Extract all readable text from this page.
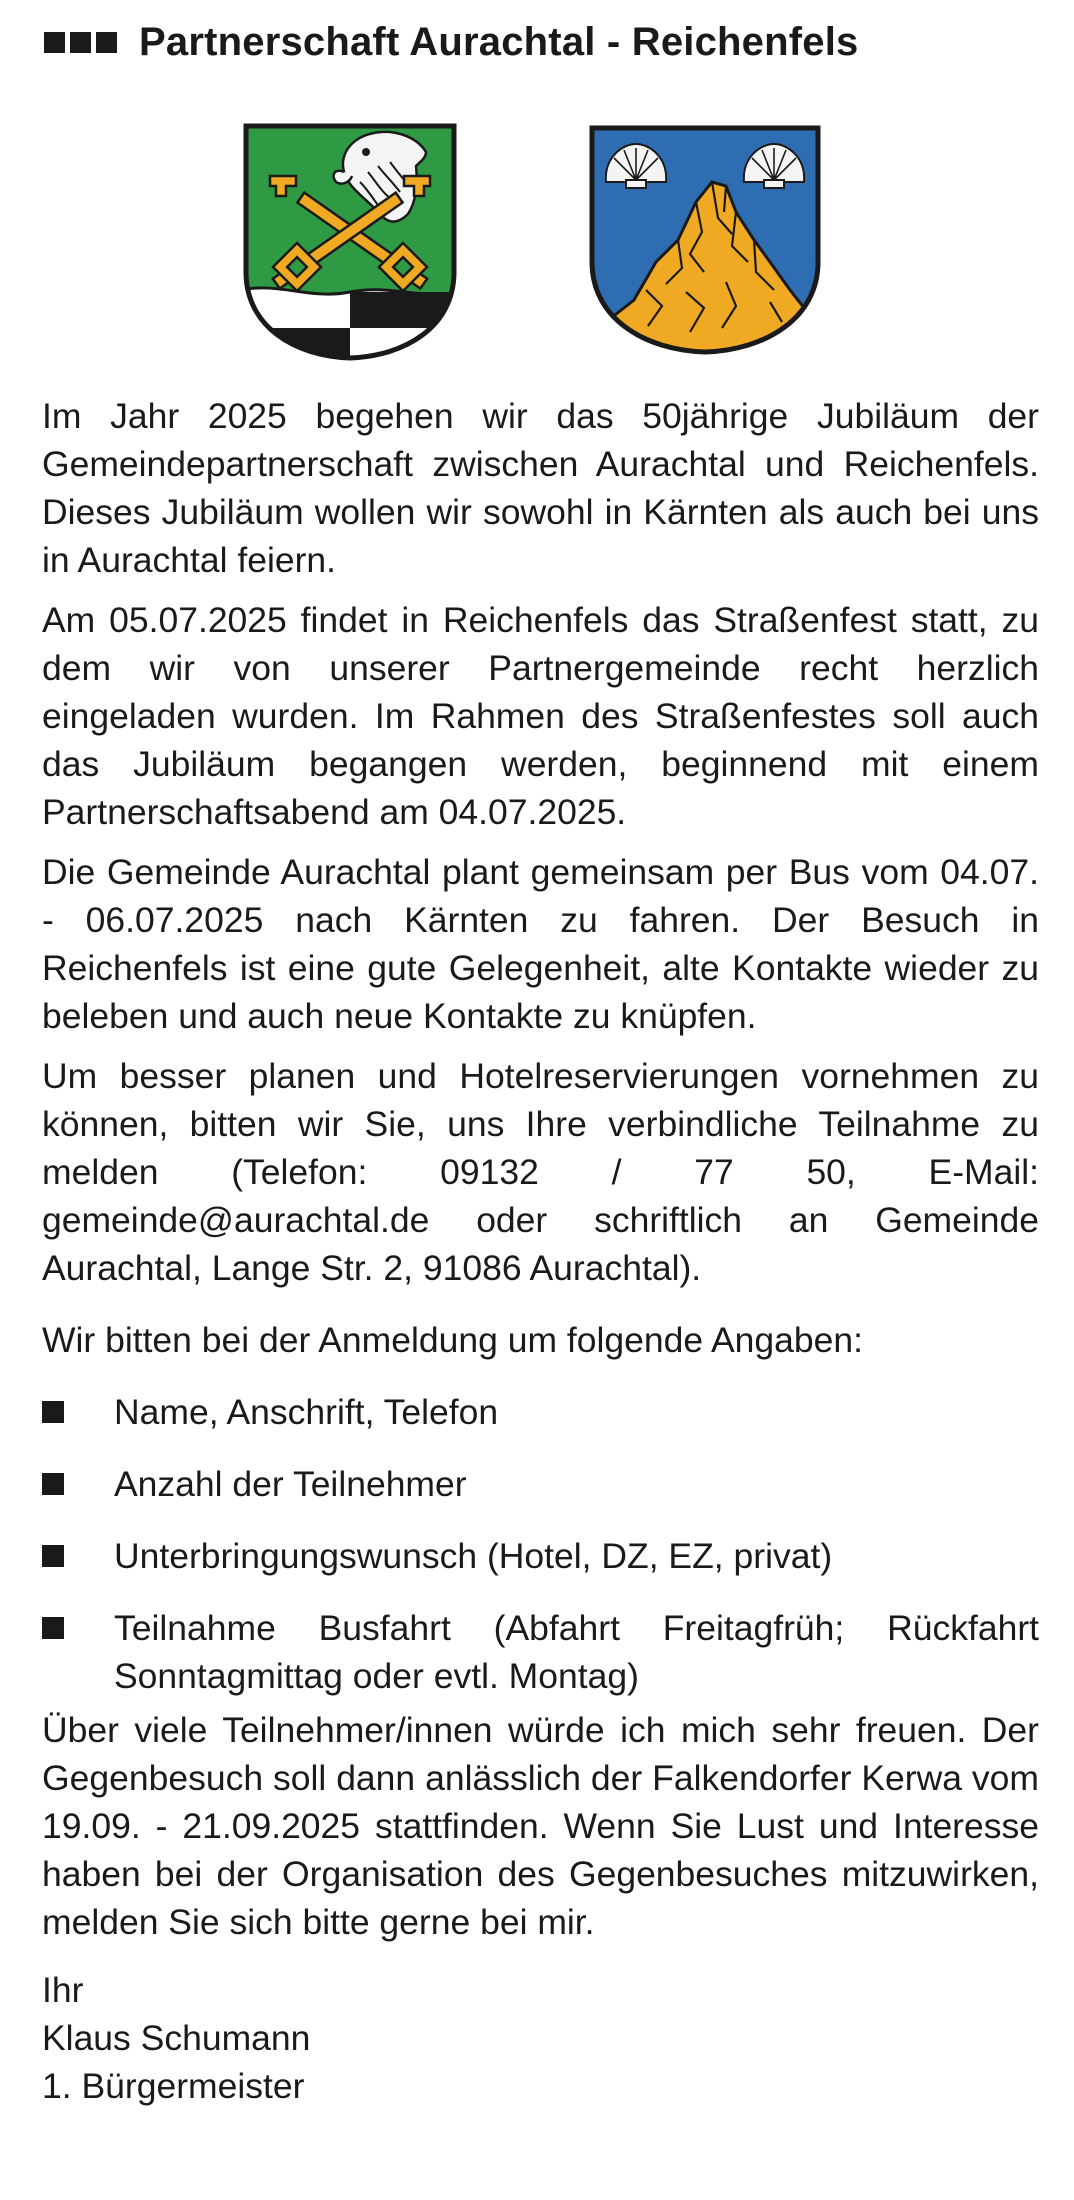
Partnerschaft Aurachtal - Reichenfels

Im Jahr 2025 begehen wir das 50jährige Jubiläum der Gemeindepartnerschaft zwischen Aurachtal und Reichenfels. Dieses Jubiläum wollen wir sowohl in Kärnten als auch bei uns in Aurachtal feiern.

Am 05.07.2025 findet in Reichenfels das Straßenfest statt, zu dem wir von unserer Partnergemeinde recht herzlich eingeladen wurden. Im Rahmen des Straßenfestes soll auch das Jubiläum begangen werden, beginnend mit einem Partnerschaftsabend am 04.07.2025.

Die Gemeinde Aurachtal plant gemeinsam per Bus vom 04.07. - 06.07.2025 nach Kärnten zu fahren. Der Besuch in Reichenfels ist eine gute Gelegenheit, alte Kontakte wieder zu beleben und auch neue Kontakte zu knüpfen.

Um besser planen und Hotelreservierungen vornehmen zu können, bitten wir Sie, uns Ihre verbindliche Teilnahme zu melden (Telefon: 09132 / 77 50, E-Mail: gemeinde@aurachtal.de oder schriftlich an Gemeinde Aurachtal, Lange Str. 2, 91086 Aurachtal).

Wir bitten bei der Anmeldung um folgende Angaben:

Name, Anschrift, Telefon
Anzahl der Teilnehmer
Unterbringungswunsch (Hotel, DZ, EZ, privat)
Teilnahme Busfahrt (Abfahrt Freitagfrüh; Rückfahrt Sonntagmittag oder evtl. Montag)

Über viele Teilnehmer/innen würde ich mich sehr freuen. Der Gegenbesuch soll dann anlässlich der Falkendorfer Kerwa vom 19.09. - 21.09.2025 stattfinden. Wenn Sie Lust und Interesse haben bei der Organisation des Gegenbesuches mitzuwirken, melden Sie sich bitte gerne bei mir.

Ihr
Klaus Schumann
1. Bürgermeister
